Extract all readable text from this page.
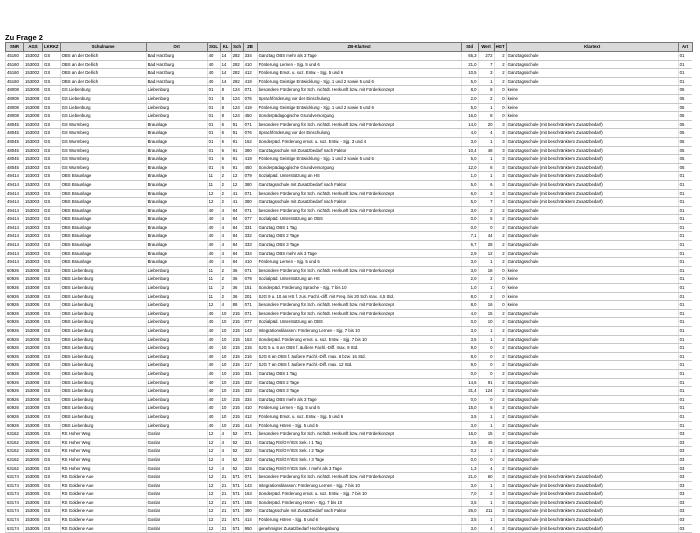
Zu Frage 2
SNR	AGS	LKRKZ	Schulname	Ort	SGL	KL	Sch	ZB	ZB-Klartext	Std	Wert	HGT	Klartext	Art
45160	153002	GS	OBS an der Dellich	Bad Harzburg	40	14	282	334	Ganztag OBS mehr als 3 Tage	65,3	272	2	Ganztagsschule	01
45160	153002	GS	OBS an der Dellich	Bad Harzburg	40	14	282	410	Förderung Lernen - Sjg. 5 und 6	21,0	7	2	Ganztagsschule	01
45160	153002	GS	OBS an der Dellich	Bad Harzburg	40	14	282	412	Förderung Emot. u. soz. Entw. - Sjg. 5 und 6	10,5	3	2	Ganztagsschule	01
45160	153002	GS	OBS an der Dellich	Bad Harzburg	40	14	282	419	Förderung Geistige Entwicklung - Sjg. 1 und 2 sowie 5 und 6	5,0	1	2	Ganztagsschule	01
48008	153008	GS	GS Liebenburg	Liebenburg	01	8	124	071	besondere Förderung für Sch. nichtdt. Herkunft bzw. mit Förderkonzept	8,0	8	0	keine	05
48008	153008	GS	GS Liebenburg	Liebenburg	01	8	124	076	Sprachförderung vor der Einschulung	2,0	2	0	keine	05
48008	153008	GS	GS Liebenburg	Liebenburg	01	8	124	419	Förderung Geistige Entwicklung - Sjg. 1 und 2 sowie 5 und 6	5,0	1	0	keine	05
48008	153008	GS	GS Liebenburg	Liebenburg	01	8	124	450	Sonderpädagogische Grundversorgung	16,0	8	0	keine	05
48045	153003	GS	GS Wurmberg	Braunlage	01	6	91	071	besondere Förderung für Sch. nichtdt. Herkunft bzw. mit Förderkonzept	14,0	20	3	Ganztagsschule (mit beschränktem Zusatzbedarf)	05
48045	153003	GS	GS Wurmberg	Braunlage	01	6	91	076	Sprachförderung vor der Einschulung	4,0	4	3	Ganztagsschule (mit beschränktem Zusatzbedarf)	05
48045	153003	GS	GS Wurmberg	Braunlage	01	6	91	152	Sonderpäd. Förderung emot. u. soz. Entw. - Sjg. 3 und 4	3,0	1	3	Ganztagsschule (mit beschränktem Zusatzbedarf)	05
48045	153003	GS	GS Wurmberg	Braunlage	01	6	91	380	Ganztagsschule mit Zusatzbedarf nach Faktor	10,4	48	3	Ganztagsschule (mit beschränktem Zusatzbedarf)	05
48045	153003	GS	GS Wurmberg	Braunlage	01	6	91	419	Förderung Geistige Entwicklung - Sjg. 1 und 2 sowie 5 und 6	5,0	1	3	Ganztagsschule (mit beschränktem Zusatzbedarf)	05
48045	153003	GS	GS Wurmberg	Braunlage	01	6	91	450	Sonderpädagogische Grundversorgung	12,0	6	3	Ganztagsschule (mit beschränktem Zusatzbedarf)	05
49414	153003	GS	OBS Braunlage	Braunlage	11	2	12	079	Sozialpäd. Unterstützung an HS	1,0	1	3	Ganztagsschule (mit beschränktem Zusatzbedarf)	01
49414	153003	GS	OBS Braunlage	Braunlage	11	2	12	380	Ganztagsschule mit Zusatzbedarf nach Faktor	5,0	6	3	Ganztagsschule (mit beschränktem Zusatzbedarf)	01
49414	153003	GS	OBS Braunlage	Braunlage	12	2	41	071	besondere Förderung für Sch. nichtdt. Herkunft bzw. mit Förderkonzept	6,0	3	3	Ganztagsschule (mit beschränktem Zusatzbedarf)	01
49414	153003	GS	OBS Braunlage	Braunlage	12	2	41	380	Ganztagsschule mit Zusatzbedarf nach Faktor	5,0	7	3	Ganztagsschule (mit beschränktem Zusatzbedarf)	01
49414	153003	GS	OBS Braunlage	Braunlage	40	4	84	071	besondere Förderung für Sch. nichtdt. Herkunft bzw. mit Förderkonzept	3,0	2	2	Ganztagsschule	01
49414	153003	GS	OBS Braunlage	Braunlage	40	4	84	077	Sozialpäd. Unterstützung an OBS	0,0	5	2	Ganztagsschule	01
49414	153003	GS	OBS Braunlage	Braunlage	40	4	84	331	Ganztag OBS 1 Tag	0,0	0	2	Ganztagsschule	01
49414	153003	GS	OBS Braunlage	Braunlage	40	4	84	332	Ganztag OBS 2 Tage	7,1	44	2	Ganztagsschule	01
49414	153003	GS	OBS Braunlage	Braunlage	40	4	84	333	Ganztag OBS 3 Tage	6,7	28	2	Ganztagsschule	01
49414	153003	GS	OBS Braunlage	Braunlage	40	4	84	334	Ganztag OBS mehr als 3 Tage	2,9	12	2	Ganztagsschule	01
49414	153003	GS	OBS Braunlage	Braunlage	40	4	84	410	Förderung Lernen - Sjg. 5 und 6	3,0	1	2	Ganztagsschule	01
60926	153008	GS	OBS Liebenburg	Liebenburg	11	2	36	071	besondere Förderung für Sch. nichtdt. Herkunft bzw. mit Förderkonzept	3,0	18	0	keine	01
60926	153008	GS	OBS Liebenburg	Liebenburg	11	2	36	079	Sozialpäd. Unterstützung an HS	2,0	2	0	keine	01
60926	153008	GS	OBS Liebenburg	Liebenburg	11	2	36	151	Sonderpäd. Förderung Sprache - Sjg. 7 bis 10	1,0	1	0	keine	01
60926	153008	GS	OBS Liebenburg	Liebenburg	11	2	36	201	SJG 9 u. 10 an HS f. zus. Fachl.-diff. mit Freq. bis 20 Sch max. 4,5 Std.	8,0	2	0	keine	01
60926	153008	GS	OBS Liebenburg	Liebenburg	12	4	89	071	besondere Förderung für Sch. nichtdt. Herkunft bzw. mit Förderkonzept	8,0	16	0	keine	01
60926	153008	GS	OBS Liebenburg	Liebenburg	40	10	215	071	besondere Förderung für Sch. nichtdt. Herkunft bzw. mit Förderkonzept	4,0	15	2	Ganztagsschule	01
60926	153008	GS	OBS Liebenburg	Liebenburg	40	10	215	077	Sozialpäd. Unterstützung an OBS	0,0	10	2	Ganztagsschule	01
60926	153008	GS	OBS Liebenburg	Liebenburg	40	10	215	143	Integrationsklassen: Förderung Lernen - Sjg. 7 bis 10	3,0	1	2	Ganztagsschule	01
60926	153008	GS	OBS Liebenburg	Liebenburg	40	10	215	153	Sonderpäd. Förderung emot. u. soz. Entw. - Sjg. 7 bis 10	3,5	1	2	Ganztagsschule	01
60926	153008	GS	OBS Liebenburg	Liebenburg	40	10	215	215	SJG 5 u. 6 an OBS f. äußere Fachl.-Diff. max. 9 Std.	9,0	0	2	Ganztagsschule	01
60926	153008	GS	OBS Liebenburg	Liebenburg	40	10	215	216	SJG 6 an OBS f. äußere Fachl.-Diff. max. 6 bzw. 16 Std.	8,0	0	2	Ganztagsschule	01
60926	153008	GS	OBS Liebenburg	Liebenburg	40	10	215	217	SJG 7 an OBS f. äußere Fachl.-Diff. max. 12 Std.	9,0	0	2	Ganztagsschule	01
60926	153008	GS	OBS Liebenburg	Liebenburg	40	10	215	331	Ganztag OBS 1 Tag	0,0	0	2	Ganztagsschule	01
60926	153008	GS	OBS Liebenburg	Liebenburg	40	10	215	332	Ganztag OBS 2 Tage	14,6	91	2	Ganztagsschule	01
60926	153008	GS	OBS Liebenburg	Liebenburg	40	10	215	333	Ganztag OBS 3 Tage	31,4	124	2	Ganztagsschule	01
60926	153008	GS	OBS Liebenburg	Liebenburg	40	10	215	334	Ganztag OBS mehr als 3 Tage	0,0	0	2	Ganztagsschule	01
60926	153008	GS	OBS Liebenburg	Liebenburg	40	10	215	410	Förderung Lernen - Sjg. 5 und 6	15,0	5	2	Ganztagsschule	01
60926	153008	GS	OBS Liebenburg	Liebenburg	40	10	215	412	Förderung Emot. u. soz. Entw. - Sjg. 5 und 6	3,5	1	2	Ganztagsschule	01
60926	153008	GS	OBS Liebenburg	Liebenburg	40	10	215	414	Förderung Hören - Sjg. 5 und 6	3,0	1	2	Ganztagsschule	01
63162	153005	GS	RS Hoher Weg	Goslar	12	4	52	071	besondere Förderung für Sch. nichtdt. Herkunft bzw. mit Förderkonzept	16,0	15	2	Ganztagsschule	03
63162	153005	GS	RS Hoher Weg	Goslar	12	4	52	321	Ganztag RS/GY/IGS Sek. I 1 Tag	3,5	45	2	Ganztagsschule	03
63162	153005	GS	RS Hoher Weg	Goslar	12	4	52	322	Ganztag RS/GY/IGS Sek. I 2 Tage	0,2	1	2	Ganztagsschule	03
63162	153005	GS	RS Hoher Weg	Goslar	12	4	52	323	Ganztag RS/GY/IGS Sek. I 3 Tage	0,0	0	2	Ganztagsschule	03
63162	153005	GS	RS Hoher Weg	Goslar	12	4	52	324	Ganztag RS/GY/IGS Sek. I mehr als 3 Tage	1,3	4	2	Ganztagsschule	03
63174	153005	GS	RS Goldene Aue	Goslar	12	21	571	071	besondere Förderung für Sch. nichtdt. Herkunft bzw. mit Förderkonzept	21,0	60	3	Ganztagsschule (mit beschränktem Zusatzbedarf)	03
63174	153005	GS	RS Goldene Aue	Goslar	12	21	571	143	Integrationsklassen: Förderung Lernen - Sjg. 7 bis 10	3,0	1	3	Ganztagsschule (mit beschränktem Zusatzbedarf)	03
63174	153005	GS	RS Goldene Aue	Goslar	12	21	571	153	Sonderpäd. Förderung emot. u. soz. Entw. - Sjg. 7 bis 10	7,0	2	3	Ganztagsschule (mit beschränktem Zusatzbedarf)	03
63174	153005	GS	RS Goldene Aue	Goslar	12	21	571	155	Sonderpäd. Förderung Hören - Sjg. 7 bis 10	3,5	1	3	Ganztagsschule (mit beschränktem Zusatzbedarf)	03
63174	153005	GS	RS Goldene Aue	Goslar	12	21	571	380	Ganztagsschule mit Zusatzbedarf nach Faktor	26,0	211	3	Ganztagsschule (mit beschränktem Zusatzbedarf)	03
63174	153005	GS	RS Goldene Aue	Goslar	12	21	571	414	Förderung Hören - Sjg. 5 und 6	3,5	1	3	Ganztagsschule (mit beschränktem Zusatzbedarf)	03
63174	153005	GS	RS Goldene Aue	Goslar	12	21	571	950	genehmigter Zusatzbedarf Hochbegabung	3,0	4	3	Ganztagsschule (mit beschränktem Zusatzbedarf)	03
